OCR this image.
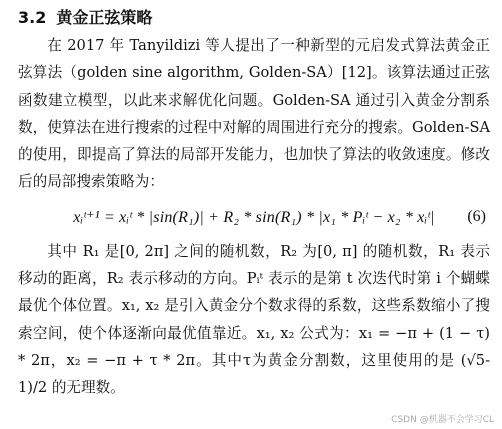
3.2 黄金正弦策略

在 2017 年 Tanyildizi 等人提出了一种新型的元启发式算法黄金正弦算法（golden sine algorithm, Golden-SA）[12]。该算法通过正弦函数建立模型，以此来求解优化问题。Golden-SA 通过引入黄金分割系数，使算法在进行搜索的过程中对解的周围进行充分的搜索。Golden-SA 的使用，即提高了算法的局部开发能力，也加快了算法的收敛速度。修改后的局部搜索策略为：

xᵢᵗ⁺¹ = xᵢᵗ * |sin(R₁)| + R₂ * sin(R₁) * |x₁ * Pᵢᵗ − x₂ * xᵢᵗ| (6)

其中 R₁ 是[0, 2π] 之间的随机数，R₂ 为[0, π] 的随机数，R₁ 表示移动的距离，R₂ 表示移动的方向。Pᵢᵗ 表示的是第 t 次迭代时第 i 个蝴蝶最优个体位置。x₁, x₂ 是引入黄金分个数求得的系数，这些系数缩小了搜索空间，使个体逐渐向最优值靠近。x₁, x₂ 公式为：x₁ = −π + (1 − τ) * 2π，x₂ = −π + τ * 2π。其中τ为黄金分割数，这里使用的是 (√5-1)/2 的无理数。

CSDN @机器不会学习CL
